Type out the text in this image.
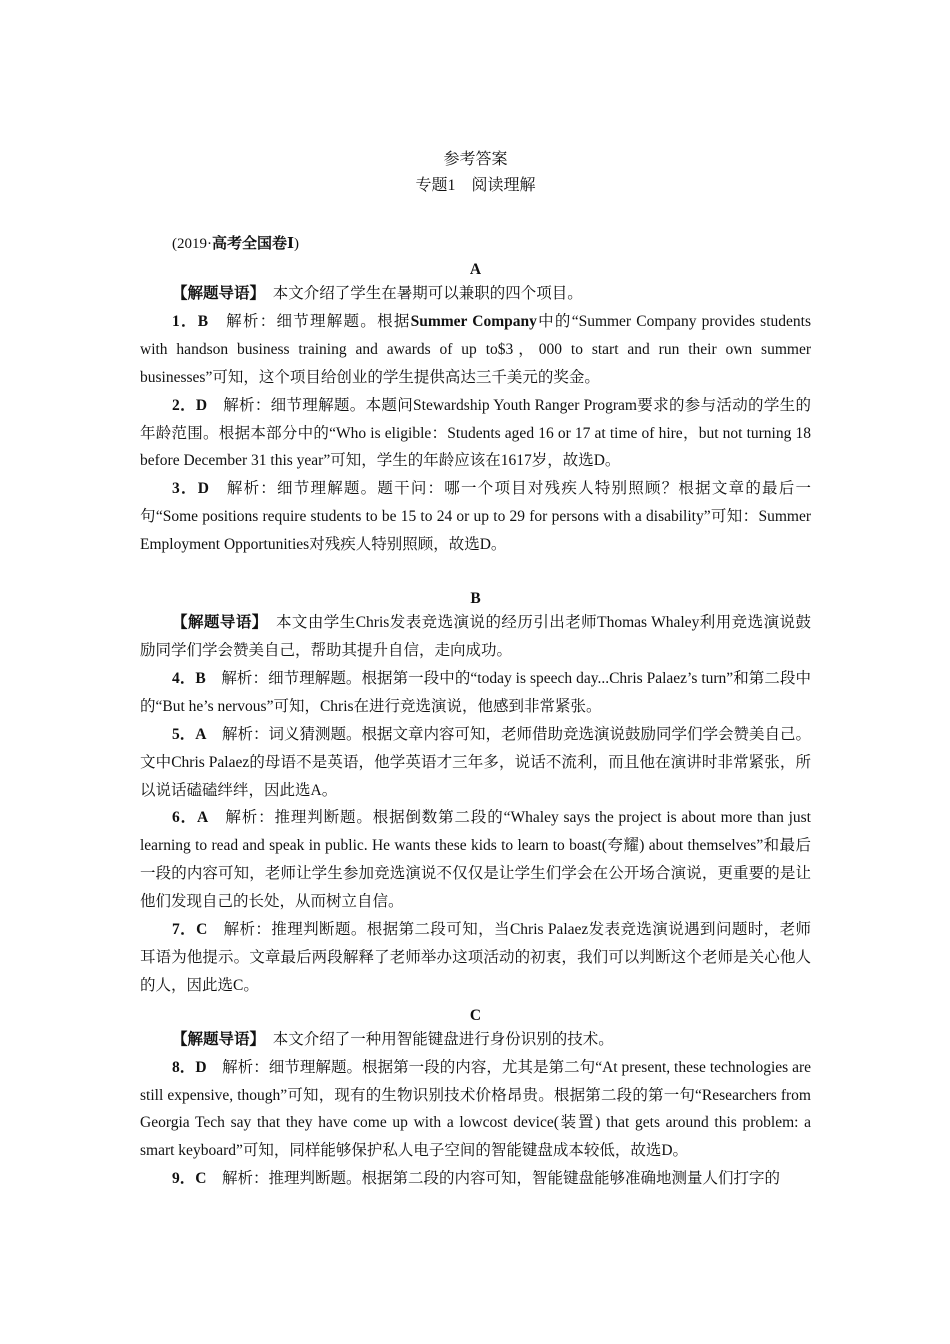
参考答案
专题1　阅读理解
(2019·高考全国卷Ⅰ)
A

【解题导语】　本文介绍了学生在暑期可以兼职的四个项目。

1．B　解析：细节理解题。根据Summer Company中的“Summer Company provides students with handson business training and awards of up to$3，000 to start and run their own summer businesses”可知，这个项目给创业的学生提供高达三千美元的奖金。

2．D　解析：细节理解题。本题问Stewardship Youth Ranger Program要求的参与活动的学生的年龄范围。根据本部分中的“Who is eligible：Students aged 16 or 17 at time of hire，but not turning 18 before December 31 this year”可知，学生的年龄应该在1617岁，故选D。

3．D　解析：细节理解题。题干问：哪一个项目对残疾人特别照顾？根据文章的最后一句“Some positions require students to be 15 to 24 or up to 29 for persons with a disability”可知：Summer Employment Opportunities对残疾人特别照顾，故选D。

B

【解题导语】　本文由学生Chris发表竞选演说的经历引出老师Thomas Whaley利用竞选演说鼓励同学们学会赞美自己，帮助其提升自信，走向成功。

4．B　解析：细节理解题。根据第一段中的“today is speech day...Chris Palaez’s turn”和第二段中的“But he’s nervous”可知，Chris在进行竞选演说，他感到非常紧张。

5．A　解析：词义猜测题。根据文章内容可知，老师借助竞选演说鼓励同学们学会赞美自己。文中Chris Palaez的母语不是英语，他学英语才三年多，说话不流利，而且他在演讲时非常紧张，所以说话磕磕绊绊，因此选A。

6．A　解析：推理判断题。根据倒数第二段的“Whaley says the project is about more than just learning to read and speak in public. He wants these kids to learn to boast(夸耀) about themselves”和最后一段的内容可知，老师让学生参加竞选演说不仅仅是让学生们学会在公开场合演说，更重要的是让他们发现自己的长处，从而树立自信。

7．C　解析：推理判断题。根据第二段可知，当Chris Palaez发表竞选演说遇到问题时，老师耳语为他提示。文章最后两段解释了老师举办这项活动的初衷，我们可以判断这个老师是关心他人的人，因此选C。

C

【解题导语】　本文介绍了一种用智能键盘进行身份识别的技术。

8．D　解析：细节理解题。根据第一段的内容，尤其是第二句“At present, these technologies are still expensive, though”可知，现有的生物识别技术价格昂贵。根据第二段的第一句“Researchers from Georgia Tech say that they have come up with a lowcost device(装置) that gets around this problem: a smart keyboard”可知，同样能够保护私人电子空间的智能键盘成本较低，故选D。

9．C　解析：推理判断题。根据第二段的内容可知，智能键盘能够准确地测量人们打字的
